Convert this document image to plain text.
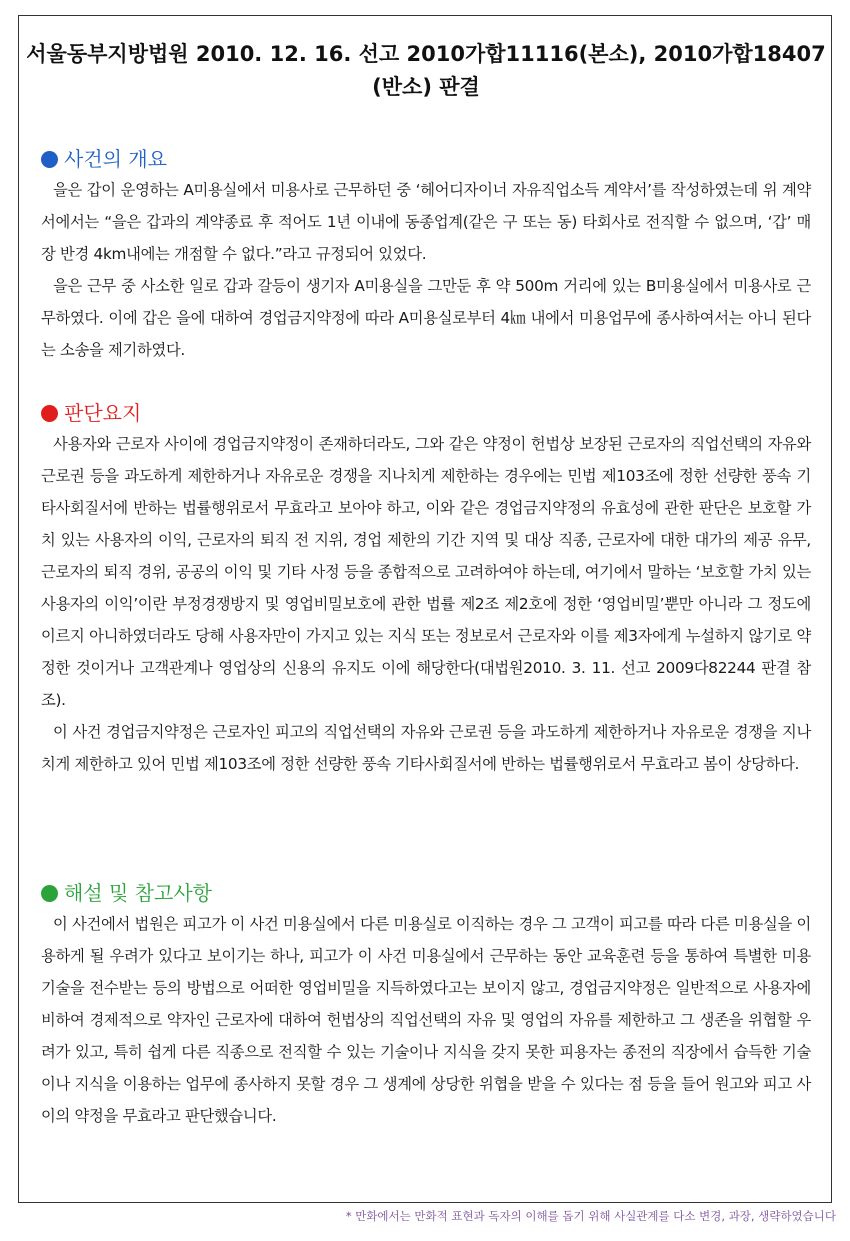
서울동부지방법원 2010. 12. 16. 선고 2010가합11116(본소), 2010가합18407 (반소) 판결
사건의 개요

을은 갑이 운영하는 A미용실에서 미용사로 근무하던 중 ‘헤어디자이너 자유직업소득 계약서’를 작성하였는데 위 계약서에서는 “을은 갑과의 계약종료 후 적어도 1년 이내에 동종업계(같은 구 또는 동) 타회사로 전직할 수 없으며, ‘갑’ 매장 반경 4km내에는 개점할 수 없다.”라고 규정되어 있었다.

을은 근무 중 사소한 일로 갑과 갈등이 생기자 A미용실을 그만둔 후 약 500m 거리에 있는 B미용실에서 미용사로 근무하였다. 이에 갑은 을에 대하여 경업금지약정에 따라 A미용실로부터 4㎞ 내에서 미용업무에 종사하여서는 아니 된다는 소송을 제기하였다.

판단요지

사용자와 근로자 사이에 경업금지약정이 존재하더라도, 그와 같은 약정이 헌법상 보장된 근로자의 직업선택의 자유와 근로권 등을 과도하게 제한하거나 자유로운 경쟁을 지나치게 제한하는 경우에는 민법 제103조에 정한 선량한 풍속 기타사회질서에 반하는 법률행위로서 무효라고 보아야 하고, 이와 같은 경업금지약정의 유효성에 관한 판단은 보호할 가치 있는 사용자의 이익, 근로자의 퇴직 전 지위, 경업 제한의 기간 지역 및 대상 직종, 근로자에 대한 대가의 제공 유무, 근로자의 퇴직 경위, 공공의 이익 및 기타 사정 등을 종합적으로 고려하여야 하는데, 여기에서 말하는 ‘보호할 가치 있는 사용자의 이익’이란 부정경쟁방지 및 영업비밀보호에 관한 법률 제2조 제2호에 정한 ‘영업비밀’뿐만 아니라 그 정도에 이르지 아니하였더라도 당해 사용자만이 가지고 있는 지식 또는 정보로서 근로자와 이를 제3자에게 누설하지 않기로 약정한 것이거나 고객관계나 영업상의 신용의 유지도 이에 해당한다(대법원2010. 3. 11. 선고 2009다82244 판결 참조).

이 사건 경업금지약정은 근로자인 피고의 직업선택의 자유와 근로권 등을 과도하게 제한하거나 자유로운 경쟁을 지나치게 제한하고 있어 민법 제103조에 정한 선량한 풍속 기타사회질서에 반하는 법률행위로서 무효라고 봄이 상당하다.

해설 및 참고사항

이 사건에서 법원은 피고가 이 사건 미용실에서 다른 미용실로 이직하는 경우 그 고객이 피고를 따라 다른 미용실을 이용하게 될 우려가 있다고 보이기는 하나, 피고가 이 사건 미용실에서 근무하는 동안 교육훈련 등을 통하여 특별한 미용기술을 전수받는 등의 방법으로 어떠한 영업비밀을 지득하였다고는 보이지 않고, 경업금지약정은 일반적으로 사용자에 비하여 경제적으로 약자인 근로자에 대하여 헌법상의 직업선택의 자유 및 영업의 자유를 제한하고 그 생존을 위협할 우려가 있고, 특히 쉽게 다른 직종으로 전직할 수 있는 기술이나 지식을 갖지 못한 피용자는 종전의 직장에서 습득한 기술이나 지식을 이용하는 업무에 종사하지 못할 경우 그 생계에 상당한 위협을 받을 수 있다는 점 등을 들어 원고와 피고 사이의 약정을 무효라고 판단했습니다.

* 만화에서는 만화적 표현과 독자의 이해를 돕기 위해 사실관계를 다소 변경, 과장, 생략하였습니다
